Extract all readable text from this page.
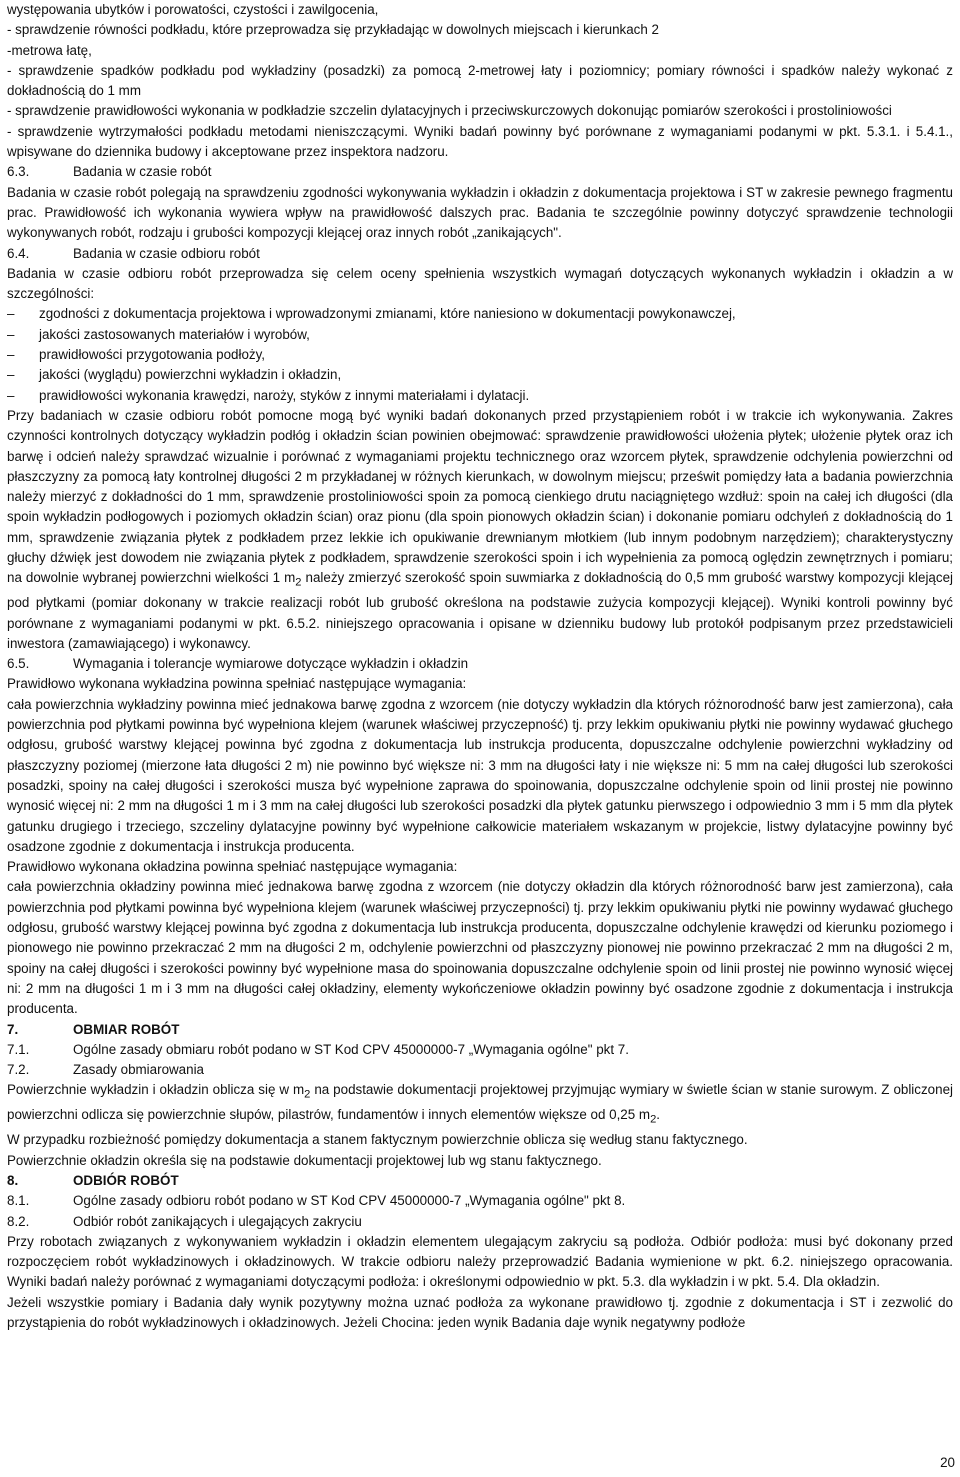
występowania ubytków i porowatości, czystości i zawilgocenia,

- sprawdzenie równości podkładu, które przeprowadza się przykładając w dowolnych miejscach i kierunkach 2

-metrowa łatę,

- sprawdzenie spadków podkładu pod wykładziny (posadzki) za pomocą 2-metrowej łaty i poziomnicy; pomiary równości i spadków należy wykonać z dokładnością do 1 mm

- sprawdzenie prawidłowości wykonania w podkładzie szczelin dylatacyjnych i przeciwskurczowych dokonując pomiarów szerokości i prostoliniowości

- sprawdzenie wytrzymałości podkładu metodami nieniszczącymi. Wyniki badań powinny być porównane z wymaganiami podanymi w pkt. 5.3.1. i 5.4.1., wpisywane do dziennika budowy i akceptowane przez inspektora nadzoru.

6.3.	Badania w czasie robót

Badania w czasie robót polegają na sprawdzeniu zgodności wykonywania wykładzin i okładzin z dokumentacja projektowa i ST w zakresie pewnego fragmentu prac. Prawidłowość ich wykonania wywiera wpływ na prawidłowość dalszych prac. Badania te szczególnie powinny dotyczyć sprawdzenie technologii wykonywanych robót, rodzaju i grubości kompozycji klejącej oraz innych robót „zanikających".

6.4.	Badania w czasie odbioru robót

Badania w czasie odbioru robót przeprowadza się celem oceny spełnienia wszystkich wymagań dotyczących wykonanych wykładzin i okładzin a w szczególności:

–	zgodności z dokumentacja projektowa i wprowadzonymi zmianami, które naniesiono w dokumentacji powykonawczej,
–	jakości zastosowanych materiałów i wyrobów,
–	prawidłowości przygotowania podłoży,
–	jakości (wyglądu) powierzchni wykładzin i okładzin,
–	prawidłowości wykonania krawędzi, naroży, styków z innymi materiałami i dylatacji.

Przy badaniach w czasie odbioru robót pomocne mogą być wyniki badań dokonanych przed przystąpieniem robót i w trakcie ich wykonywania. Zakres czynności kontrolnych dotyczący wykładzin podłóg i okładzin ścian powinien obejmować: sprawdzenie prawidłowości ułożenia płytek; ułożenie płytek oraz ich barwę i odcień należy sprawdzać wizualnie i porównać z wymaganiami projektu technicznego oraz wzorcem płytek, sprawdzenie odchylenia powierzchni od płaszczyzny za pomocą łaty kontrolnej długości 2 m przykładanej w różnych kierunkach, w dowolnym miejscu; prześwit pomiędzy łata a badania powierzchnia należy mierzyć z dokładności do 1 mm, sprawdzenie prostoliniowości spoin za pomocą cienkiego drutu naciągniętego wzdłuż: spoin na całej ich długości (dla spoin wykładzin podłogowych i poziomych okładzin ścian) oraz pionu (dla spoin pionowych okładzin ścian) i dokonanie pomiaru odchyleń z dokładnością do 1 mm, sprawdzenie związania płytek z podkładem przez lekkie ich opukiwanie drewnianym młotkiem (lub innym podobnym narzędziem); charakterystyczny głuchy dźwięk jest dowodem nie związania płytek z podkładem, sprawdzenie szerokości spoin i ich wypełnienia za pomocą oględzin zewnętrznych i pomiaru; na dowolnie wybranej powierzchni wielkości 1 $m_2$ należy zmierzyć szerokość spoin suwmiarka z dokładnością do 0,5 mm grubość warstwy kompozycji klejącej pod płytkami (pomiar dokonany w trakcie realizacji robót lub grubość określona na podstawie zużycia kompozycji klejącej). Wyniki kontroli powinny być porównane z wymaganiami podanymi w pkt. 6.5.2. niniejszego opracowania i opisane w dzienniku budowy lub protokół podpisanym przez przedstawicieli inwestora (zamawiającego) i wykonawcy.

6.5.	Wymagania i tolerancje wymiarowe dotyczące wykładzin i okładzin

Prawidłowo wykonana wykładzina powinna spełniać następujące wymagania:

cała powierzchnia wykładziny powinna mieć jednakowa barwę zgodna z wzorcem (nie dotyczy wykładzin dla których różnorodność barw jest zamierzona), cała powierzchnia pod płytkami powinna być wypełniona klejem (warunek właściwej przyczepność) tj. przy lekkim opukiwaniu płytki nie powinny wydawać głuchego odgłosu, grubość warstwy klejącej powinna być zgodna z dokumentacja lub instrukcja producenta, dopuszczalne odchylenie powierzchni wykładziny od płaszczyzny poziomej (mierzone łata długości 2 m) nie powinno być większe ni: 3 mm na długości łaty i nie większe ni: 5 mm na całej długości lub szerokości posadzki, spoiny na całej długości i szerokości musza być wypełnione zaprawa do spoinowania, dopuszczalne odchylenie spoin od linii prostej nie powinno wynosić więcej ni: 2 mm na długości 1 m i 3 mm na całej długości lub szerokości posadzki dla płytek gatunku pierwszego i odpowiednio 3 mm i 5 mm dla płytek gatunku drugiego i trzeciego, szczeliny dylatacyjne powinny być wypełnione całkowicie materiałem wskazanym w projekcie, listwy dylatacyjne powinny być osadzone zgodnie z dokumentacja i instrukcja producenta.

Prawidłowo wykonana okładzina powinna spełniać następujące wymagania:

cała powierzchnia okładziny powinna mieć jednakowa barwę zgodna z wzorcem (nie dotyczy okładzin dla których różnorodność barw jest zamierzona), cała powierzchnia pod płytkami powinna być wypełniona klejem (warunek właściwej przyczepności) tj. przy lekkim opukiwaniu płytki nie powinny wydawać głuchego odgłosu, grubość warstwy klejącej powinna być zgodna z dokumentacja lub instrukcja producenta, dopuszczalne odchylenie krawędzi od kierunku poziomego i pionowego nie powinno przekraczać 2 mm na długości 2 m, odchylenie powierzchni od płaszczyzny pionowej nie powinno przekraczać 2 mm na długości 2 m, spoiny na całej długości i szerokości powinny być wypełnione masa do spoinowania dopuszczalne odchylenie spoin od linii prostej nie powinno wynosić więcej ni: 2 mm na długości 1 m i 3 mm na długości całej okładziny, elementy wykończeniowe okładzin powinny być osadzone zgodnie z dokumentacja i instrukcja producenta.

7.	OBMIAR ROBÓT
7.1.	Ogólne zasady obmiaru robót podano w ST Kod CPV 45000000-7 „Wymagania ogólne" pkt 7.
7.2.	Zasady obmiarowania

Powierzchnie wykładzin i okładzin oblicza się w $m_2$ na podstawie dokumentacji projektowej przyjmując wymiary w świetle ścian w stanie surowym. Z obliczonej powierzchni odlicza się powierzchnie słupów, pilastrów, fundamentów i innych elementów większe od 0,25 $m_2$.

W przypadku rozbieżność pomiędzy dokumentacja a stanem faktycznym powierzchnie oblicza się według stanu faktycznego.

Powierzchnie okładzin określa się na podstawie dokumentacji projektowej lub wg stanu faktycznego.

8.	ODBIÓR ROBÓT
8.1.	Ogólne zasady odbioru robót podano w ST Kod CPV 45000000-7 „Wymagania ogólne" pkt 8.
8.2.	Odbiór robót zanikających i ulegających zakryciu

Przy robotach związanych z wykonywaniem wykładzin i okładzin elementem ulegającym zakryciu są podłoża. Odbiór podłoża: musi być dokonany przed rozpoczęciem robót wykładzinowych i okładzinowych. W trakcie odbioru należy przeprowadzić Badania wymienione w pkt. 6.2. niniejszego opracowania. Wyniki badań należy porównać z wymaganiami dotyczącymi podłoża: i określonymi odpowiednio w pkt. 5.3. dla wykładzin i w pkt. 5.4. Dla okładzin.

Jeżeli wszystkie pomiary i Badania dały wynik pozytywny można uznać podłoża za wykonane prawidłowo tj. zgodnie z dokumentacja i ST i zezwolić do przystąpienia do robót wykładzinowych i okładzinowych. Jeżeli Chocina: jeden wynik Badania daje wynik negatywny podłoże

20
